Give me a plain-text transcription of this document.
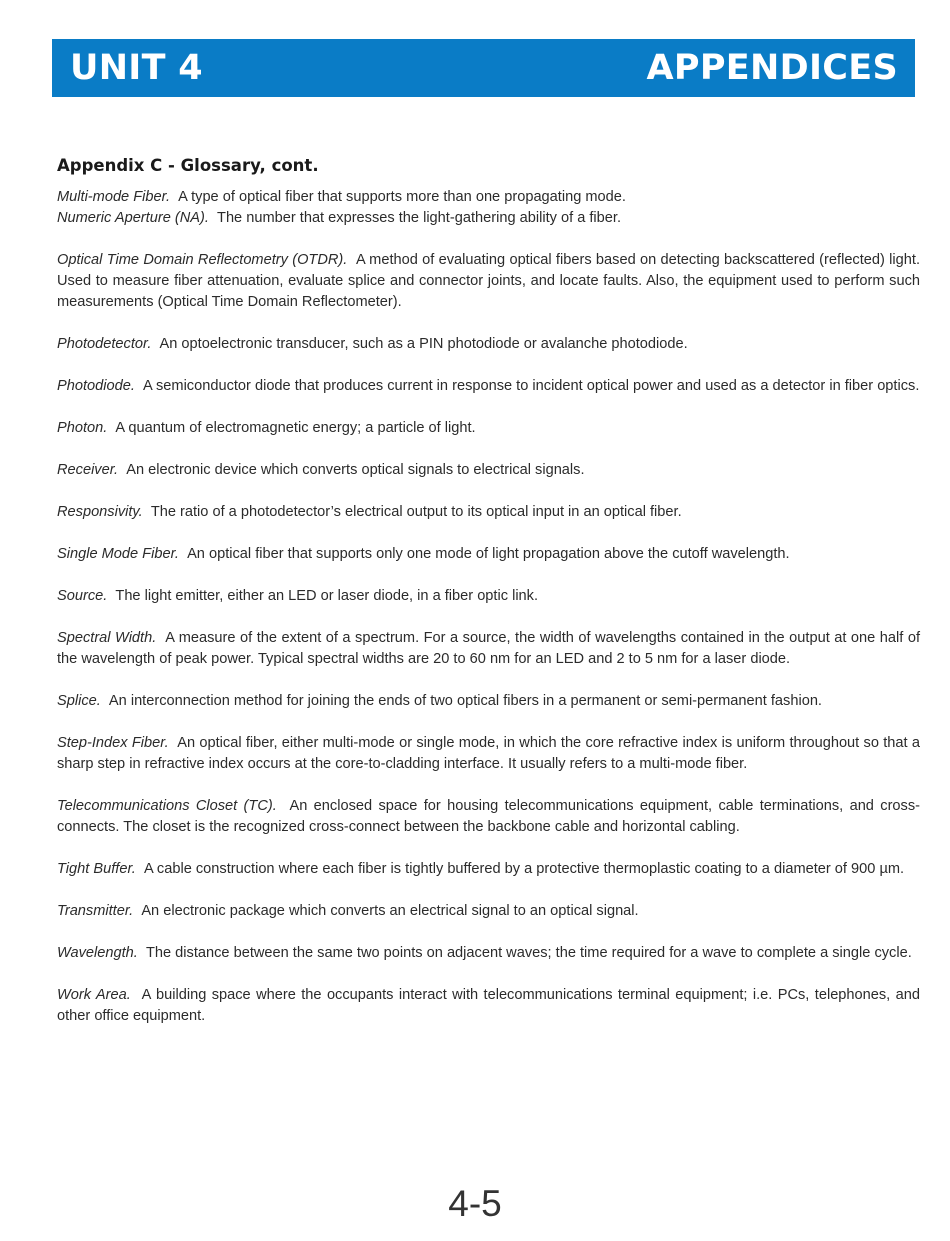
UNIT 4	APPENDICES
Appendix C - Glossary, cont.

Multi-mode Fiber. A type of optical fiber that supports more than one propagating mode.

Numeric Aperture (NA). The number that expresses the light-gathering ability of a fiber.

Optical Time Domain Reflectometry (OTDR). A method of evaluating optical fibers based on detecting backscattered (reflected) light. Used to measure fiber attenuation, evaluate splice and connector joints, and locate faults. Also, the equipment used to perform such measurements (Optical Time Domain Reflectometer).

Photodetector. An optoelectronic transducer, such as a PIN photodiode or avalanche photodiode.

Photodiode. A semiconductor diode that produces current in response to incident optical power and used as a detector in fiber optics.

Photon. A quantum of electromagnetic energy; a particle of light.

Receiver. An electronic device which converts optical signals to electrical signals.

Responsivity. The ratio of a photodetector’s electrical output to its optical input in an optical fiber.

Single Mode Fiber. An optical fiber that supports only one mode of light propagation above the cutoff wavelength.

Source. The light emitter, either an LED or laser diode, in a fiber optic link.

Spectral Width. A measure of the extent of a spectrum. For a source, the width of wavelengths contained in the output at one half of the wavelength of peak power. Typical spectral widths are 20 to 60 nm for an LED and 2 to 5 nm for a laser diode.

Splice. An interconnection method for joining the ends of two optical fibers in a permanent or semi-permanent fashion.

Step-Index Fiber. An optical fiber, either multi-mode or single mode, in which the core refractive index is uniform throughout so that a sharp step in refractive index occurs at the core-to-cladding interface. It usually refers to a multi-mode fiber.

Telecommunications Closet (TC). An enclosed space for housing telecommunications equipment, cable terminations, and cross-connects. The closet is the recognized cross-connect between the backbone cable and horizontal cabling.

Tight Buffer. A cable construction where each fiber is tightly buffered by a protective thermoplastic coating to a diameter of 900 µm.

Transmitter. An electronic package which converts an electrical signal to an optical signal.

Wavelength. The distance between the same two points on adjacent waves; the time required for a wave to complete a single cycle.

Work Area. A building space where the occupants interact with telecommunications terminal equipment; i.e. PCs, telephones, and other office equipment.

4-5
